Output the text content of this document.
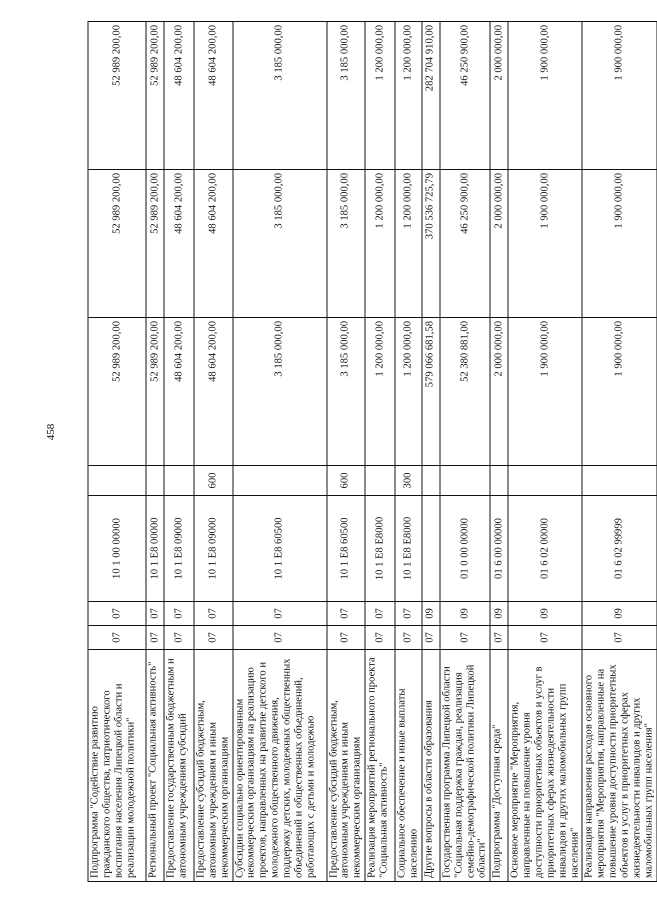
458
Подпрограмма "Содействие развитию гражданского общества, патриотического воспитания населения Липецкой области и реализации молодежной политики"	07	07	10 1 00 00000		52 989 200,00	52 989 200,00	52 989 200,00
Региональный проект "Социальная активность"	07	07	10 1 E8 00000		52 989 200,00	52 989 200,00	52 989 200,00
Предоставление государственным бюджетным и автономным учреждениям субсидий	07	07	10 1 E8 09000		48 604 200,00	48 604 200,00	48 604 200,00
Предоставление субсидий бюджетным, автономным учреждениям и иным некоммерческим организациям	07	07	10 1 E8 09000	600	48 604 200,00	48 604 200,00	48 604 200,00
Субсидии социально ориентированным некоммерческим организациям на реализацию проектов, направленных на развитие детского и молодежного общественного движения, поддержку детских, молодежных общественных объединений и общественных объединений, работающих с детьми и молодежью	07	07	10 1 E8 60500		3 185 000,00	3 185 000,00	3 185 000,00
Предоставление субсидий бюджетным, автономным учреждениям и иным некоммерческим организациям	07	07	10 1 E8 60500	600	3 185 000,00	3 185 000,00	3 185 000,00
Реализация мероприятий регионального проекта "Социальная активность"	07	07	10 1 E8 E8000		1 200 000,00	1 200 000,00	1 200 000,00
Социальное обеспечение и иные выплаты населению	07	07	10 1 E8 E8000	300	1 200 000,00	1 200 000,00	1 200 000,00
Другие вопросы в области образования	07	09			579 066 681,58	370 536 725,79	282 704 910,00
Государственная программа Липецкой области "Социальная поддержка граждан, реализация семейно-демографической политики Липецкой области"	07	09	01 0 00 00000		52 380 881,00	46 250 900,00	46 250 900,00
Подпрограмма "Доступная среда"	07	09	01 6 00 00000		2 000 000,00	2 000 000,00	2 000 000,00
Основное мероприятие "Мероприятия, направленные на повышение уровня доступности приоритетных объектов и услуг в приоритетных сферах жизнедеятельности инвалидов и других маломобильных групп населения"	07	09	01 6 02 00000		1 900 000,00	1 900 000,00	1 900 000,00
Реализация направления расходов основного мероприятия "Мероприятия, направленные на повышение уровня доступности приоритетных объектов и услуг в приоритетных сферах жизнедеятельности инвалидов и других маломобильных групп населения"	07	09	01 6 02 99999		1 900 000,00	1 900 000,00	1 900 000,00
